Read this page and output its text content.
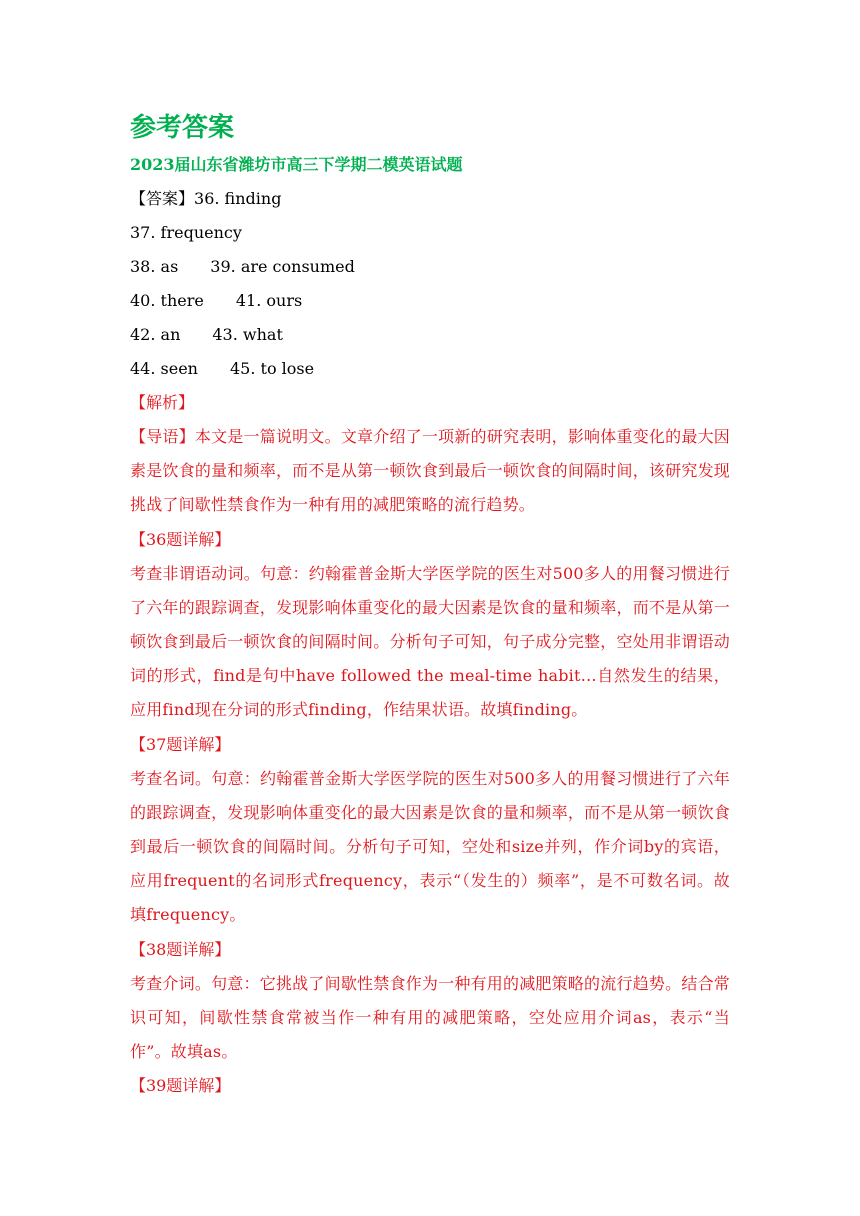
参考答案
2023届山东省潍坊市高三下学期二模英语试题
【答案】36. finding
37. frequency
38. as 39. are consumed
40. there 41. ours
42. an 43. what
44. seen 45. to lose
【解析】
【导语】本文是一篇说明文。文章介绍了一项新的研究表明，影响体重变化的最大因素是饮食的量和频率，而不是从第一顿饮食到最后一顿饮食的间隔时间，该研究发现挑战了间歇性禁食作为一种有用的减肥策略的流行趋势。
【36题详解】
考查非谓语动词。句意：约翰霍普金斯大学医学院的医生对500多人的用餐习惯进行了六年的跟踪调查，发现影响体重变化的最大因素是饮食的量和频率，而不是从第一顿饮食到最后一顿饮食的间隔时间。分析句子可知，句子成分完整，空处用非谓语动词的形式，find是句中have followed the meal-time habit…自然发生的结果，应用find现在分词的形式finding，作结果状语。故填finding。
【37题详解】
考查名词。句意：约翰霍普金斯大学医学院的医生对500多人的用餐习惯进行了六年的跟踪调查，发现影响体重变化的最大因素是饮食的量和频率，而不是从第一顿饮食到最后一顿饮食的间隔时间。分析句子可知，空处和size并列，作介词by的宾语，应用frequent的名词形式frequency，表示“（发生的）频率”，是不可数名词。故填frequency。
【38题详解】
考查介词。句意：它挑战了间歇性禁食作为一种有用的减肥策略的流行趋势。结合常识可知，间歇性禁食常被当作一种有用的减肥策略，空处应用介词as，表示“当作”。故填as。
【39题详解】
